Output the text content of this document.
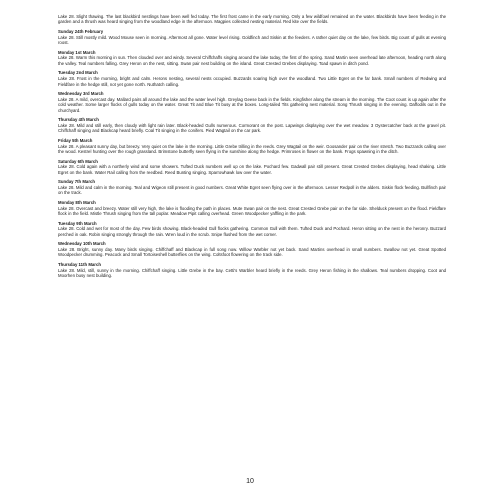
Lake 28. Slight thawing. The last blackbird nestlings have been well fed today. The first frost came in the early morning. Only a few wildfowl remained on the water. Blackbirds have been feeding in the garden and a thrush was heard singing from the woodland edge in the afternoon. Magpies collected nesting material. Red kite over the fields.

Sunday 24th February

Lake 28. Still mostly mild. Wood Mouse seen in morning. Aftermost all gone. Water level rising. Goldfinch and Siskin at the feeders. A rather quiet day on the lake, few birds. Big count of gulls at evening roost.

Monday 1st March

Lake 28. Warm this morning in sun. Then clouded over and windy. Several Chiffchaffs singing around the lake today, the first of the spring. Sand Martin seen overhead late afternoon, heading north along the valley. Teal numbers falling. Grey Heron on the nest, sitting. Swan pair nest building on the island. Great Crested Grebes displaying. Toad spawn in ditch pond.

Tuesday 2nd March

Lake 28. Frost in the morning, bright and calm. Herons nesting, several nests occupied. Buzzards soaring high over the woodland. Two Little Egret on the far bank. Small numbers of Redwing and Fieldfare in the hedge still, not yet gone north. Nuthatch calling.

Wednesday 3rd March

Lake 28. A mild, overcast day. Mallard pairs all around the lake and the water level high. Greylag Geese back in the fields. Kingfisher along the stream in the morning. The Coot count is up again after the cold weather. Some larger flocks of gulls today on the water. Great Tit and Blue Tit busy at the boxes. Long-tailed Tits gathering nest material. Song Thrush singing in the evening. Daffodils out in the churchyard.

Thursday 4th March

Lake 28. Mild and still early, then cloudy with light rain later. Black-headed Gulls numerous. Cormorant on the post. Lapwings displaying over the wet meadow. 3 Oystercatcher back at the gravel pit. Chiffchaff singing and Blackcap heard briefly. Coal Tit singing in the conifers. Pied Wagtail on the car park.

Friday 5th March

Lake 28. A pleasant sunny day, but breezy. Very quiet on the lake in the morning. Little Grebe trilling in the reeds. Grey Wagtail on the weir. Goosander pair on the river stretch. Two Buzzards calling over the wood. Kestrel hunting over the rough grassland. Brimstone butterfly seen flying in the sunshine along the hedge. Primroses in flower on the bank. Frogs spawning in the ditch.

Saturday 6th March

Lake 28. Cold again with a northerly wind and some showers. Tufted Duck numbers well up on the lake. Pochard few. Gadwall pair still present. Great Crested Grebes displaying, head shaking. Little Egret on the bank. Water Rail calling from the reedbed. Reed Bunting singing. Sparrowhawk low over the water.

Sunday 7th March

Lake 28. Mild and calm in the morning. Teal and Wigeon still present in good numbers. Great White Egret seen flying over in the afternoon. Lesser Redpoll in the alders. Siskin flock feeding. Bullfinch pair on the track.

Monday 8th March

Lake 28. Overcast and breezy. Water still very high, the lake is flooding the path in places. Mute Swan pair on the nest. Great Crested Grebe pair on the far side. Shelduck present on the flood. Fieldfare flock in the field. Mistle Thrush singing from the tall poplar. Meadow Pipit calling overhead. Green Woodpecker yaffling in the park.

Tuesday 9th March

Lake 28. Cold and wet for most of the day. Few birds showing. Black-headed Gull flocks gathering. Common Gull with them. Tufted Duck and Pochard. Heron sitting on the nest in the heronry. Buzzard perched in oak. Robin singing strongly through the rain. Wren loud in the scrub. Snipe flushed from the wet corner.

Wednesday 10th March

Lake 28. Bright, sunny day. Many birds singing. Chiffchaff and Blackcap in full song now. Willow Warbler not yet back. Sand Martins overhead in small numbers. Swallow not yet. Great Spotted Woodpecker drumming. Peacock and Small Tortoiseshell butterflies on the wing. Coltsfoot flowering on the track side.

Thursday 11th March

Lake 28. Mild, still, sunny in the morning. Chiffchaff singing. Little Grebe in the bay. Cetti's Warbler heard briefly in the reeds. Grey Heron fishing in the shallows. Teal numbers dropping. Coot and Moorhen busy nest building.

10
